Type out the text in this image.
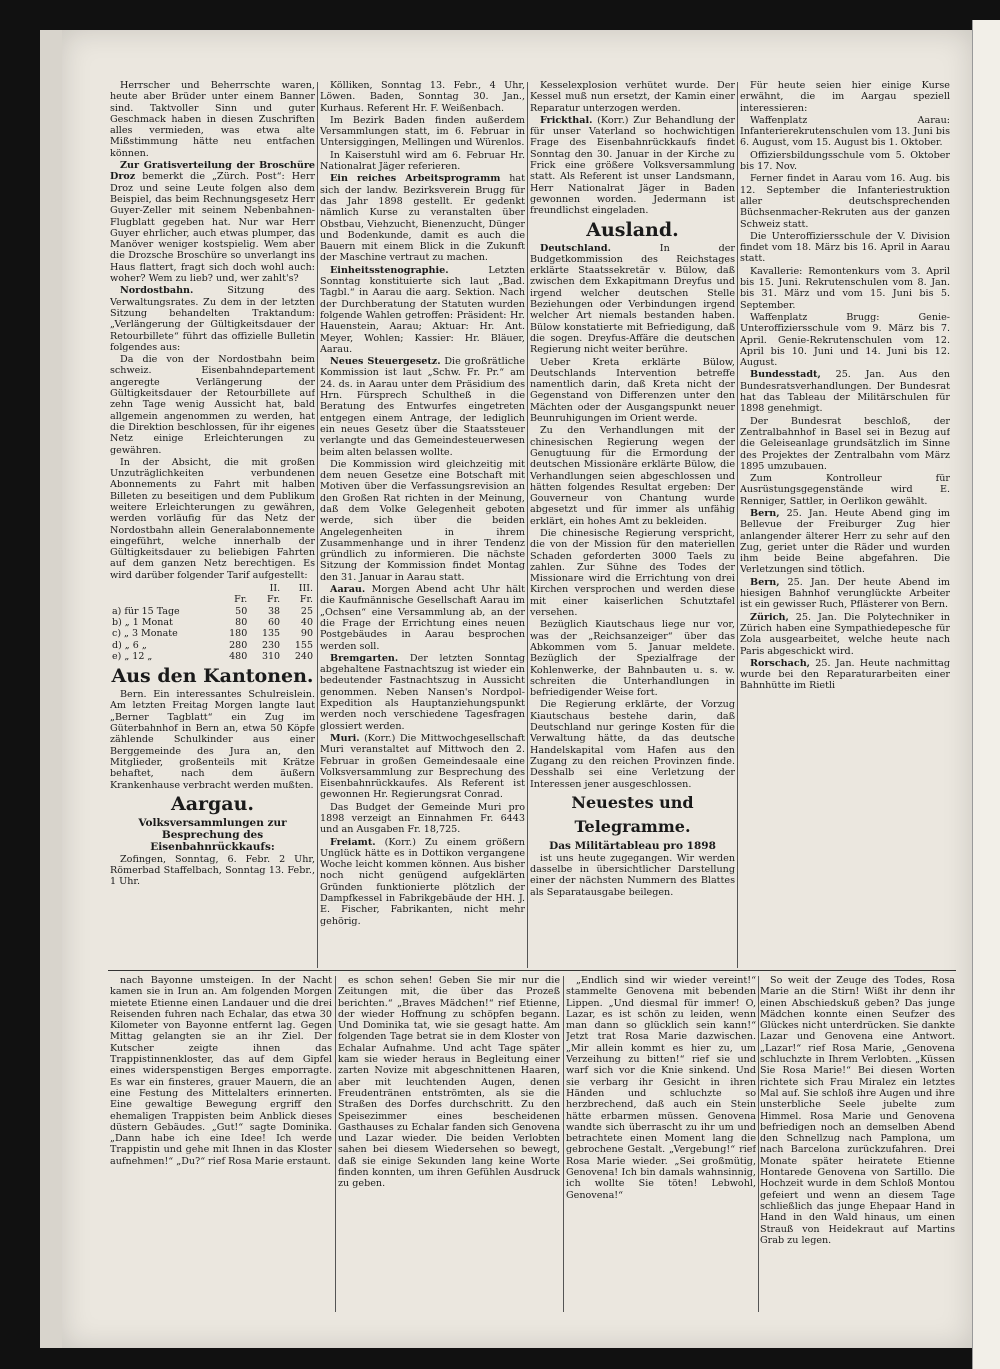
Herrscher und Beherrschte waren, heute aber Brüder unter einem Banner sind. Taktvoller Sinn und guter Geschmack haben in diesen Zuschriften alles vermieden, was etwa alte Mißstimmung hätte neu entfachen können.

Zur Gratisverteilung der Broschüre Droz bemerkt die „Zürch. Post“: Herr Droz und seine Leute folgen also dem Beispiel, das beim Rechnungsgesetz Herr Guyer-Zeller mit seinem Nebenbahnen-Flugblatt gegeben hat. Nur war Herr Guyer ehrlicher, auch etwas plumper, das Manöver weniger kostspielig. Wem aber die Drozsche Broschüre so unverlangt ins Haus flattert, fragt sich doch wohl auch: woher? Wem zu lieb? und, wer zahlt's?

Nordostbahn.	Sitzung des Verwaltungsrates. Zu dem in der letzten Sitzung behandelten Traktandum: „Verlängerung der Gültigkeitsdauer der Retourbillete“ führt das offizielle Bulletin folgendes aus:

Da die von der Nordostbahn beim schweiz. Eisenbahndepartement angeregte Verlängerung der Gültigkeitsdauer der Retourbillete auf zehn Tage wenig Aussicht hat, bald allgemein angenommen zu werden, hat die Direktion beschlossen, für ihr eigenes Netz einige Erleichterungen zu gewähren.

In der Absicht, die mit großen Unzuträglichkeiten verbundenen Abonnements zu Fahrt mit halben Billeten zu beseitigen und dem Publikum weitere Erleichterungen zu gewähren, werden vorläufig für das Netz der Nordostbahn allein Generalabonnemente eingeführt, welche innerhalb der Gültigkeitsdauer zu beliebigen Fahrten auf dem ganzen Netz berechtigen. Es wird darüber folgender Tarif aufgestellt:

		II.	III.
	Fr.	Fr.	Fr.
a) für 15 Tage	50	38	25
b) „ 1 Monat	80	60	40
c) „ 3 Monate	180	135	90
d) „ 6 „	280	230	155
e) „ 12 „	480	310	240

Aus den Kantonen.

Bern. Ein interessantes Schulreislein. Am letzten Freitag Morgen langte laut „Berner Tagblatt“ ein Zug im Güterbahnhof in Bern an, etwa 50 Köpfe zählende Schulkinder aus einer Berggemeinde des Jura an, den Mitglieder, großenteils mit Krätze behaftet, nach dem äußern Krankenhause verbracht werden mußten.

Aargau.

Volksversammlungen zur Besprechung des Eisenbahnrückkaufs:

Zofingen, Sonntag, 6. Febr. 2 Uhr, Römerbad Staffelbach, Sonntag 13. Febr., 1 Uhr.

Kölliken, Sonntag 13. Febr., 4 Uhr, Löwen. Baden, Sonntag 30. Jan., Kurhaus. Referent Hr. F. Weißenbach.

Im Bezirk Baden finden außerdem Versammlungen statt, im 6. Februar in Untersiggingen, Mellingen und Würenlos.

In Kaiserstuhl wird am 6. Februar Hr. Nationalrat Jäger referieren.

Ein reiches Arbeitsprogramm hat sich der landw. Bezirksverein Brugg für das Jahr 1898 gestellt. Er gedenkt nämlich Kurse zu veranstalten über Obstbau, Viehzucht, Bienenzucht, Dünger und Bodenkunde, damit es auch die Bauern mit einem Blick in die Zukunft der Maschine vertraut zu machen.

Einheitsstenographie.	Letzten Sonntag konstituierte sich laut „Bad. Tagbl.“ in Aarau die aarg. Sektion. Nach der Durchberatung der Statuten wurden folgende Wahlen getroffen: Präsident: Hr. Hauenstein, Aarau; Aktuar: Hr. Ant. Meyer, Wohlen; Kassier: Hr. Bläuer, Aarau.

Neues Steuergesetz. Die großrätliche Kommission ist laut „Schw. Fr. Pr.“ am 24. ds. in Aarau unter dem Präsidium des Hrn. Fürsprech Schultheß in die Beratung des Entwurfes eingetreten entgegen einem Antrage, der lediglich ein neues Gesetz über die Staatssteuer verlangte und das Gemeindesteuerwesen beim alten belassen wollte.

Die Kommission wird gleichzeitig mit dem neuen Gesetze eine Botschaft mit Motiven über die Verfassungsrevision an den Großen Rat richten in der Meinung, daß dem Volke Gelegenheit geboten werde, sich über die beiden Angelegenheiten in ihrem Zusammenhange und in ihrer Tendenz gründlich zu informieren. Die nächste Sitzung der Kommission findet Montag den 31. Januar in Aarau statt.

Aarau. Morgen Abend acht Uhr hält die Kaufmännische Gesellschaft Aarau im „Ochsen“ eine Versammlung ab, an der die Frage der Errichtung eines neuen Postgebäudes in Aarau besprochen werden soll.

Bremgarten. Der letzten Sonntag abgehaltene Fastnachtszug ist wieder ein bedeutender Fastnachtszug in Aussicht genommen. Neben Nansen's Nordpol-Expedition als Hauptanziehungspunkt werden noch verschiedene Tagesfragen glossiert werden.

Muri. (Korr.) Die Mittwochgesellschaft Muri veranstaltet auf Mittwoch den 2. Februar in großen Gemeindesaale eine Volksversammlung zur Besprechung des Eisenbahnrückkaufes. Als Referent ist gewonnen Hr. Regierungsrat Conrad.

Das Budget der Gemeinde Muri pro 1898 verzeigt an Einnahmen Fr. 6443 und an Ausgaben Fr. 18,725.

Freiamt. (Korr.) Zu einem größern Unglück hätte es in Dottikon vergangene Woche leicht kommen können. Aus bisher noch nicht genügend aufgeklärten Gründen funktionierte plötzlich der Dampfkessel in Fabrikgebäude der HH. J. E. Fischer, Fabrikanten, nicht mehr gehörig.

Kesselexplosion verhütet wurde. Der Kessel muß nun ersetzt, der Kamin einer Reparatur unterzogen werden.

Frickthal. (Korr.) Zur Behandlung der für unser Vaterland so hochwichtigen Frage des Eisenbahnrückkaufs findet Sonntag den 30. Januar in der Kirche zu Frick eine größere Volksversammlung statt. Als Referent ist unser Landsmann, Herr Nationalrat Jäger in Baden gewonnen worden. Jedermann ist freundlichst eingeladen.

Ausland.

Deutschland.	In der Budgetkommission des Reichstages erklärte Staatssekretär v. Bülow, daß zwischen dem Exkapitmann Dreyfus und irgend welcher deutschen Stelle Beziehungen oder Verbindungen irgend welcher Art niemals bestanden haben. Bülow konstatierte mit Befriedigung, daß die sogen. Dreyfus-Affäre die deutschen Regierung nicht weiter berühre.

Ueber Kreta erklärte Bülow, Deutschlands Intervention betreffe namentlich darin, daß Kreta nicht der Gegenstand von Differenzen unter den Mächten oder der Ausgangspunkt neuer Beunruhigungen im Orient werde.

Zu den Verhandlungen mit der chinesischen Regierung wegen der Genugtuung für die Ermordung der deutschen Missionäre erklärte Bülow, die Verhandlungen seien abgeschlossen und hätten folgendes Resultat ergeben: Der Gouverneur von Chantung wurde abgesetzt und für immer als unfähig erklärt, ein hohes Amt zu bekleiden.

Die chinesische Regierung verspricht, die von der Mission für den materiellen Schaden geforderten 3000 Taels zu zahlen. Zur Sühne des Todes der Missionare wird die Errichtung von drei Kirchen versprochen und werden diese mit einer kaiserlichen Schutztafel versehen.

Bezüglich Kiautschaus liege nur vor, was der „Reichsanzeiger“ über das Abkommen vom 5. Januar meldete. Bezüglich der Spezialfrage der Kohlenwerke, der Bahnbauten u. s. w. schreiten die Unterhandlungen in befriedigender Weise fort.

Die Regierung erklärte, der Vorzug Kiautschaus bestehe darin, daß Deutschland nur geringe Kosten für die Verwaltung hätte, da das deutsche Handelskapital vom Hafen aus den Zugang zu den reichen Provinzen finde. Desshalb sei eine Verletzung der Interessen jener ausgeschlossen.

Neuestes und Telegramme.

Das Militärtableau pro 1898

ist uns heute zugegangen. Wir werden dasselbe in übersichtlicher Darstellung einer der nächsten Nummern des Blattes als Separatausgabe beilegen.

Für heute seien hier einige Kurse erwähnt, die im Aargau speziell interessieren:

Waffenplatz Aarau: Infanterierekrutenschulen vom 13. Juni bis 6. August, vom 15. August bis 1. Oktober.

Offiziersbildungsschule vom 5. Oktober bis 17. Nov.

Ferner findet in Aarau vom 16. Aug. bis 12. September die Infanteriestruktion aller deutschsprechenden Büchsenmacher-Rekruten aus der ganzen Schweiz statt.

Die Unteroffiziersschule der V. Division findet vom 18. März bis 16. April in Aarau statt.

Kavallerie: Remontenkurs vom 3. April bis 15. Juni. Rekrutenschulen vom 8. Jan. bis 31. März und vom 15. Juni bis 5. September.

Waffenplatz Brugg: Genie-Unteroffiziersschule vom 9. März bis 7. April. Genie-Rekrutenschulen vom 12. April bis 10. Juni und 14. Juni bis 12. August.

Bundesstadt, 25. Jan. Aus den Bundesratsverhandlungen. Der Bundesrat hat das Tableau der Militärschulen für 1898 genehmigt.

Der Bundesrat beschloß, der Zentralbahnhof in Basel sei in Bezug auf die Geleiseanlage grundsätzlich im Sinne des Projektes der Zentralbahn vom März 1895 umzubauen.

Zum Kontrolleur für Ausrüstungsgegenstände wird E. Renniger, Sattler, in Oerlikon gewählt.

Bern, 25. Jan. Heute Abend ging im Bellevue der Freiburger Zug hier anlangender älterer Herr zu sehr auf den Zug, geriet unter die Räder und wurden ihm beide Beine abgefahren. Die Verletzungen sind tötlich.

Bern, 25. Jan. Der heute Abend im hiesigen Bahnhof verunglückte Arbeiter ist ein gewisser Ruch, Pflästerer von Bern.

Zürich, 25. Jan. Die Polytechniker in Zürich haben eine Sympathiedepesche für Zola ausgearbeitet, welche heute nach Paris abgeschickt wird.

Rorschach, 25. Jan. Heute nachmittag wurde bei den Reparaturarbeiten einer Bahnhütte im Rietli

nach Bayonne umsteigen. In der Nacht kamen sie in Irun an. Am folgenden Morgen mietete Etienne einen Landauer und die drei Reisenden fuhren nach Echalar, das etwa 30 Kilometer von Bayonne entfernt lag. Gegen Mittag gelangten sie an ihr Ziel. Der Kutscher zeigte ihnen das Trappistinnenkloster, das auf dem Gipfel eines widerspenstigen Berges emporragte. Es war ein finsteres, grauer Mauern, die an eine Festung des Mittelalters erinnerten. Eine gewaltige Bewegung ergriff den ehemaligen Trappisten beim Anblick dieses düstern Gebäudes. „Gut!“ sagte Dominika. „Dann habe ich eine Idee! Ich werde Trappistin und gehe mit Ihnen in das Kloster aufnehmen!“ „Du?“ rief Rosa Marie erstaunt.

es schon sehen! Geben Sie mir nur die Zeitungen mit, die über das Prozeß berichten.“ „Braves Mädchen!“ rief Etienne, der wieder Hoffnung zu schöpfen begann. Und Dominika tat, wie sie gesagt hatte. Am folgenden Tage betrat sie in dem Kloster von Echalar Aufnahme. Und acht Tage später kam sie wieder heraus in Begleitung einer zarten Novize mit abgeschnittenen Haaren, aber mit leuchtenden Augen, denen Freudentränen entströmten, als sie die Straßen des Dorfes durchschritt. Zu den Speisezimmer eines bescheidenen Gasthauses zu Echalar fanden sich Genovena und Lazar wieder. Die beiden Verlobten sahen bei diesem Wiedersehen so bewegt, daß sie einige Sekunden lang keine Worte finden konnten, um ihren Gefühlen Ausdruck zu geben.

„Endlich sind wir wieder vereint!“ stammelte Genovena mit bebenden Lippen. „Und diesmal für immer! O, Lazar, es ist schön zu leiden, wenn man dann so glücklich sein kann!“ Jetzt trat Rosa Marie dazwischen. „Mir allein kommt es hier zu, um Verzeihung zu bitten!“ rief sie und warf sich vor die Knie sinkend. Und sie verbarg ihr Gesicht in ihren Händen und schluchzte so herzbrechend, daß auch ein Stein hätte erbarmen müssen. Genovena wandte sich überrascht zu ihr um und betrachtete einen Moment lang die gebrochene Gestalt. „Vergebung!“ rief Rosa Marie wieder. „Sei großmütig, Genovena! Ich bin damals wahnsinnig, ich wollte Sie töten! Lebwohl, Genovena!“

So weit der Zeuge des Todes, Rosa Marie an die Stirn! Wißt ihr denn ihr einen Abschiedskuß geben? Das junge Mädchen konnte einen Seufzer des Glückes nicht unterdrücken. Sie dankte Lazar und Genovena eine Antwort. „Lazar!“ rief Rosa Marie, „Genovena schluchzte in Ihrem Verlobten. „Küssen Sie Rosa Marie!“ Bei diesen Worten richtete sich Frau Miralez ein letztes Mal auf. Sie schloß ihre Augen und ihre unsterbliche Seele jubelte zum Himmel. Rosa Marie und Genovena befriedigen noch an demselben Abend den Schnellzug nach Pamplona, um nach Barcelona zurückzufahren. Drei Monate später heiratete Etienne Hontarede Genovena von Sartillo. Die Hochzeit wurde in dem Schloß Montou gefeiert und wenn an diesem Tage schließlich das junge Ehepaar Hand in Hand in den Wald hinaus, um einen Strauß von Heidekraut auf Martins Grab zu legen.
